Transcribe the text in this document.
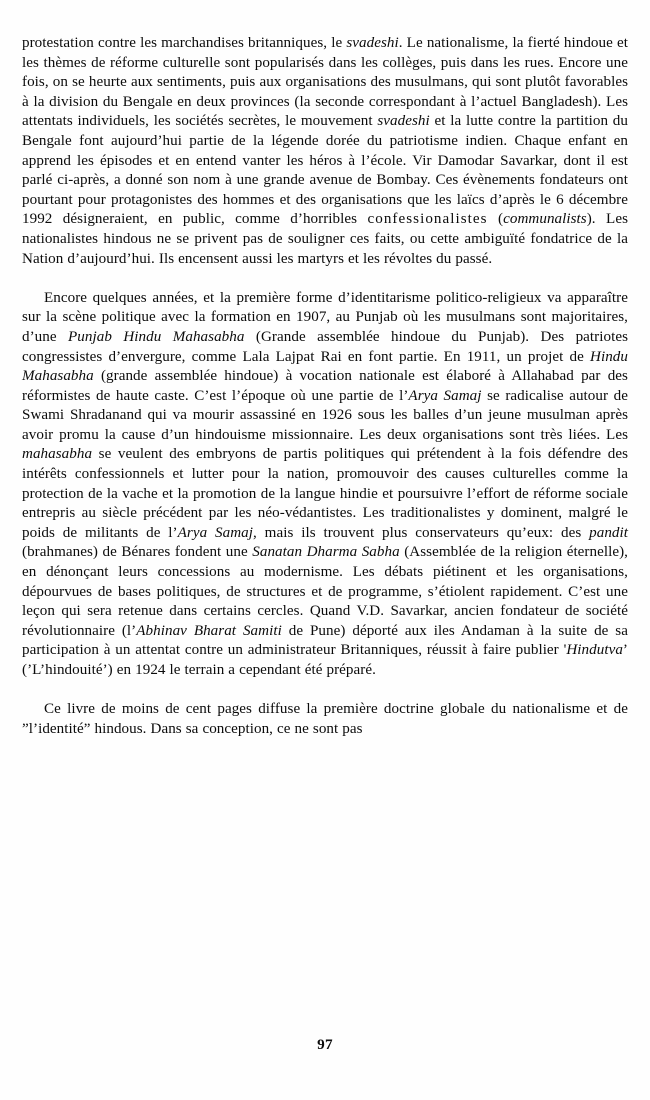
protestation contre les marchandises britanniques, le svadeshi. Le nationalisme, la fierté hindoue et les thèmes de réforme culturelle sont popularisés dans les collèges, puis dans les rues. Encore une fois, on se heurte aux sentiments, puis aux organisations des musulmans, qui sont plutôt favorables à la division du Bengale en deux provinces (la seconde correspondant à l’actuel Bangladesh). Les attentats individuels, les sociétés secrètes, le mouvement svadeshi et la lutte contre la partition du Bengale font aujourd’hui partie de la légende dorée du patriotisme indien. Chaque enfant en apprend les épisodes et en entend vanter les héros à l’école. Vir Damodar Savarkar, dont il est parlé ci-après, a donné son nom à une grande avenue de Bombay. Ces évènements fondateurs ont pourtant pour protagonistes des hommes et des organisations que les laïcs d’après le 6 décembre 1992 désigneraient, en public, comme d’horribles confessionalistes (communalists). Les nationalistes hindous ne se privent pas de souligner ces faits, ou cette ambiguïté fondatrice de la Nation d’aujourd’hui. Ils encensent aussi les martyrs et les révoltes du passé.

Encore quelques années, et la première forme d’identitarisme politico-religieux va apparaître sur la scène politique avec la formation en 1907, au Punjab où les musulmans sont majoritaires, d’une Punjab Hindu Mahasabha (Grande assemblée hindoue du Punjab). Des patriotes congressistes d’envergure, comme Lala Lajpat Rai en font partie. En 1911, un projet de Hindu Mahasabha (grande assemblée hindoue) à vocation nationale est élaboré à Allahabad par des réformistes de haute caste. C’est l’époque où une partie de l’Arya Samaj se radicalise autour de Swami Shradanand qui va mourir assassiné en 1926 sous les balles d’un jeune musulman après avoir promu la cause d’un hindouisme missionnaire. Les deux organisations sont très liées. Les mahasabha se veulent des embryons de partis politiques qui prétendent à la fois défendre des intérêts confessionnels et lutter pour la nation, promouvoir des causes culturelles comme la protection de la vache et la promotion de la langue hindie et poursuivre l’effort de réforme sociale entrepris au siècle précédent par les néo-védantistes. Les traditionalistes y dominent, malgré le poids de militants de l’Arya Samaj, mais ils trouvent plus conservateurs qu’eux: des pandit (brahmanes) de Bénares fondent une Sanatan Dharma Sabha (Assemblée de la religion éternelle), en dénonçant leurs concessions au modernisme. Les débats piétinent et les organisations, dépourvues de bases politiques, de structures et de programme, s’étiolent rapidement. C’est une leçon qui sera retenue dans certains cercles. Quand V.D. Savarkar, ancien fondateur de société révolutionnaire (l’Abhinav Bharat Samiti de Pune) déporté aux iles Andaman à la suite de sa participation à un attentat contre un administrateur Britanniques, réussit à faire publier 'Hindutva’ (’L’hindouité’) en 1924 le terrain a cependant été préparé.

Ce livre de moins de cent pages diffuse la première doctrine globale du nationalisme et de ”l’identité” hindous. Dans sa conception, ce ne sont pas

97
